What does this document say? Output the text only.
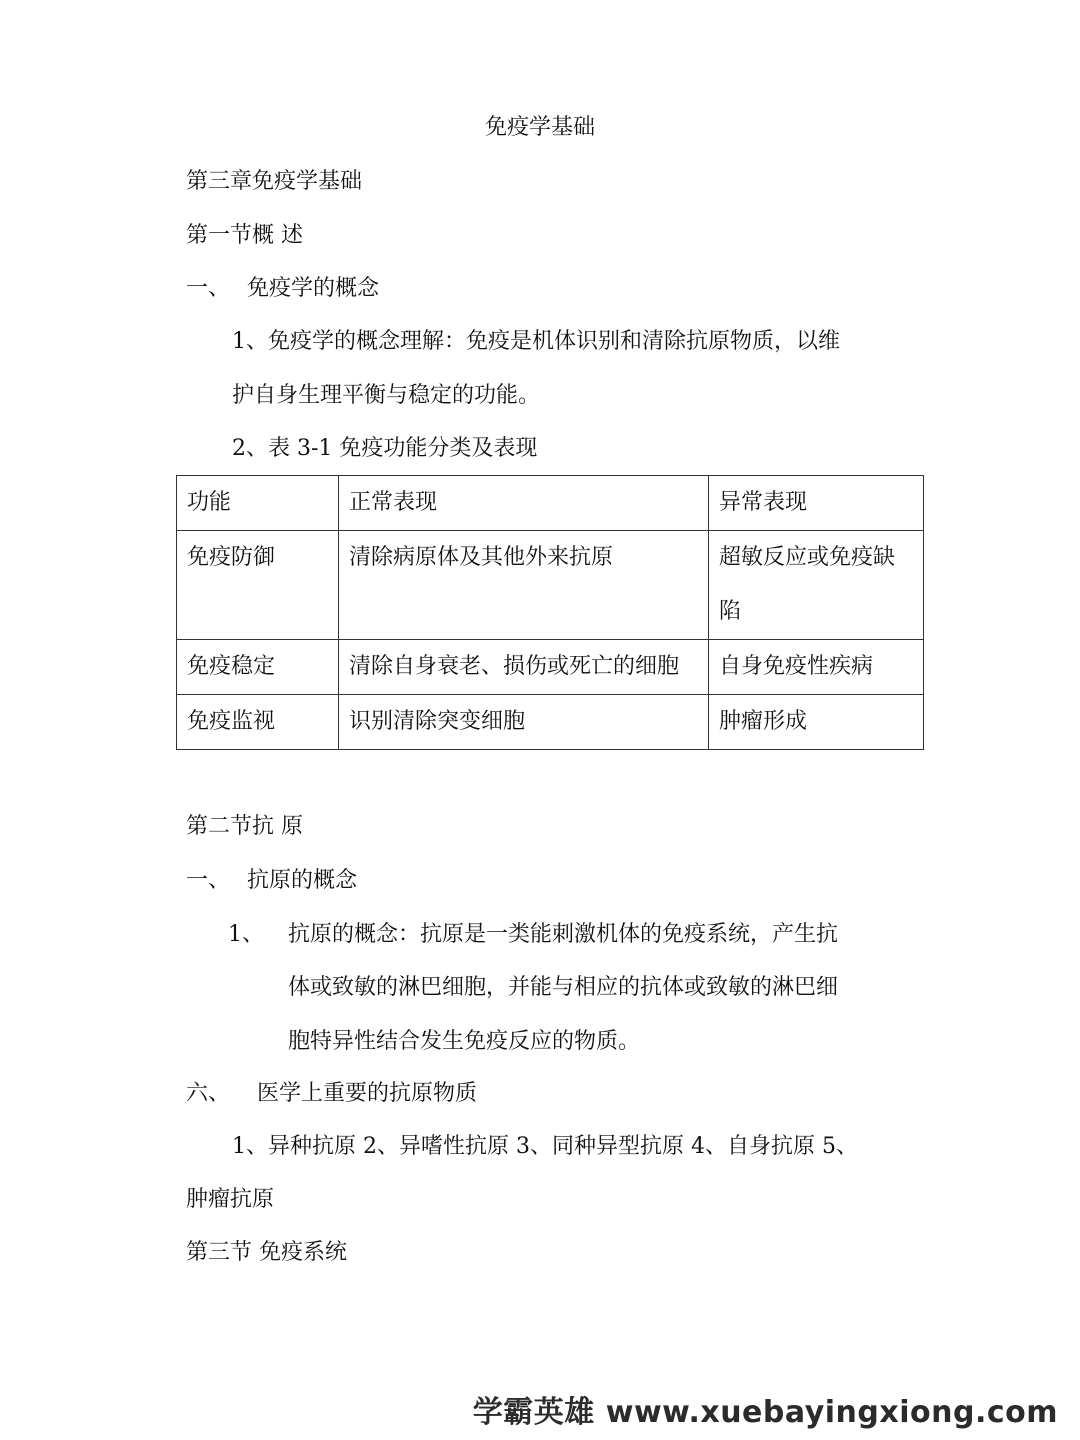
免疫学基础

第三章免疫学基础

第一节概 述

一、 免疫学的概念

1、免疫学的概念理解：免疫是机体识别和清除抗原物质，以维

护自身生理平衡与稳定的功能。

2、表 3-1 免疫功能分类及表现

功能	正常表现	异常表现
免疫防御	清除病原体及其他外来抗原	超敏反应或免疫缺陷
免疫稳定	清除自身衰老、损伤或死亡的细胞	自身免疫性疾病
免疫监视	识别清除突变细胞	肿瘤形成

第二节抗 原

一、 抗原的概念

1、 抗原的概念：抗原是一类能刺激机体的免疫系统，产生抗

体或致敏的淋巴细胞，并能与相应的抗体或致敏的淋巴细

胞特异性结合发生免疫反应的物质。

六、 医学上重要的抗原物质

1、异种抗原 2、异嗜性抗原 3、同种异型抗原 4、自身抗原 5、

肿瘤抗原

第三节 免疫系统

学霸英雄 www.xuebayingxiong.com
